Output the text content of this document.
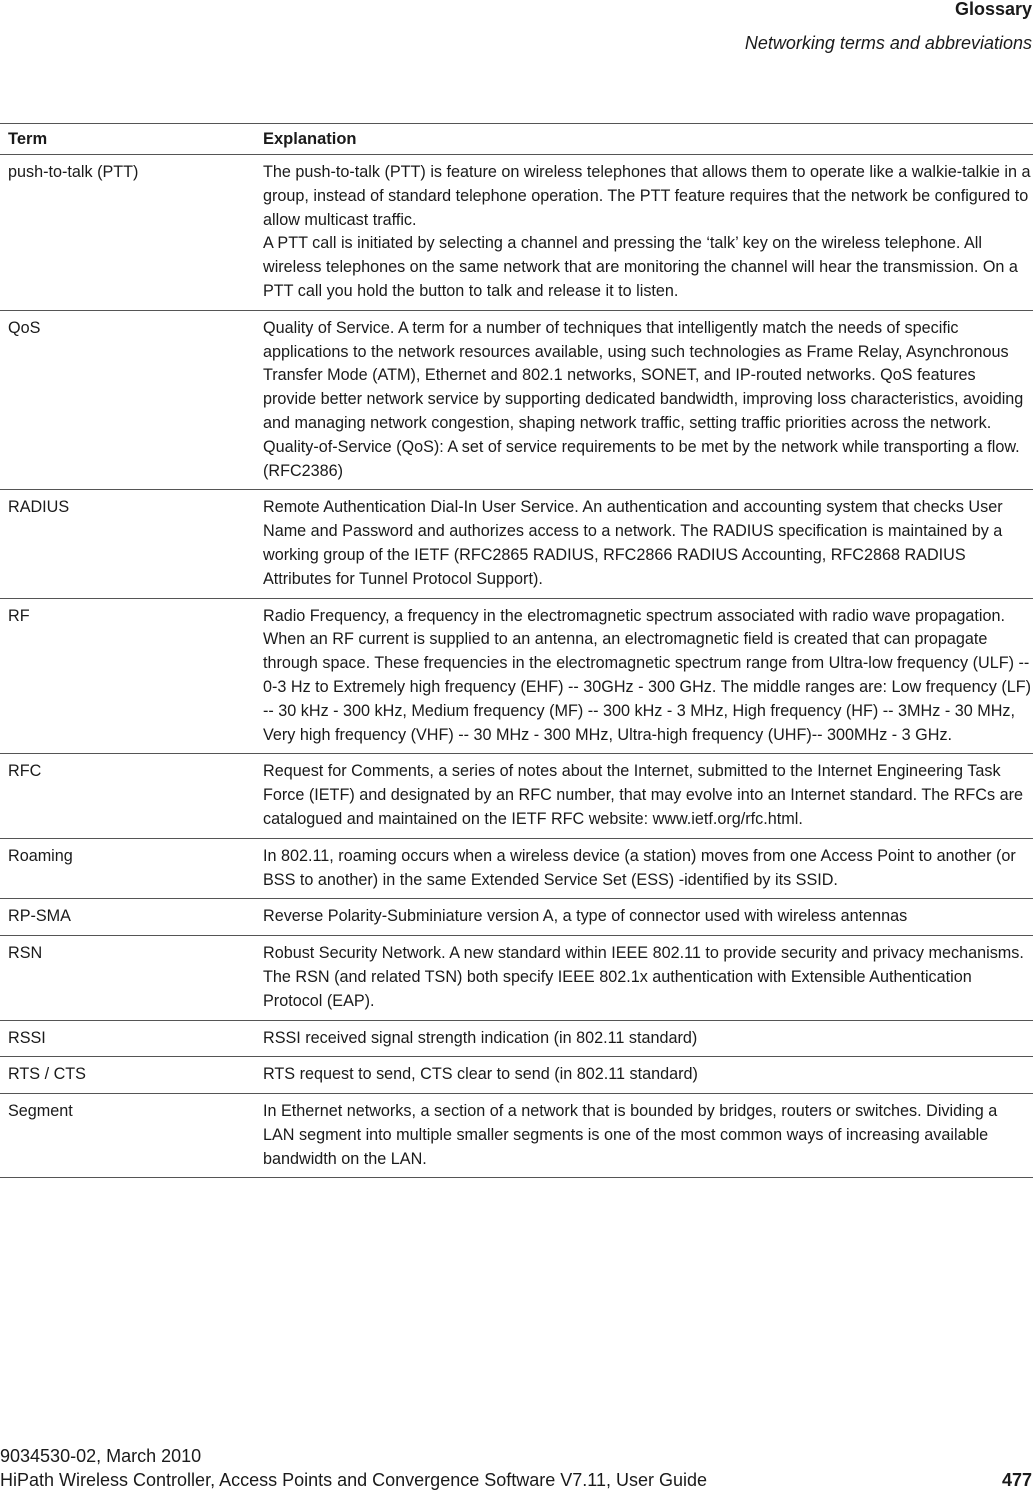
Glossary
Networking terms and abbreviations
Term	Explanation
push-to-talk (PTT)	The push-to-talk (PTT) is feature on wireless telephones that allows them to operate like a walkie-talkie in a group, instead of standard telephone operation. The PTT feature requires that the network be configured to allow multicast traffic.
A PTT call is initiated by selecting a channel and pressing the ‘talk’ key on the wireless telephone. All wireless telephones on the same network that are monitoring the channel will hear the transmission. On a PTT call you hold the button to talk and release it to listen.

QoS	Quality of Service. A term for a number of techniques that intelligently match the needs of specific applications to the network resources available, using such technologies as Frame Relay, Asynchronous Transfer Mode (ATM), Ethernet and 802.1 networks, SONET, and IP-routed networks. QoS features provide better network service by supporting dedicated bandwidth, improving loss characteristics, avoiding and managing network congestion, shaping network traffic, setting traffic priorities across the network.
Quality-of-Service (QoS): A set of service requirements to be met by the network while transporting a flow. (RFC2386)

RADIUS	Remote Authentication Dial-In User Service. An authentication and accounting system that checks User Name and Password and authorizes access to a network. The RADIUS specification is maintained by a working group of the IETF (RFC2865 RADIUS, RFC2866 RADIUS Accounting, RFC2868 RADIUS Attributes for Tunnel Protocol Support).

RF	Radio Frequency, a frequency in the electromagnetic spectrum associated with radio wave propagation. When an RF current is supplied to an antenna, an electromagnetic field is created that can propagate through space. These frequencies in the electromagnetic spectrum range from Ultra-low frequency (ULF) -- 0-3 Hz to Extremely high frequency (EHF) -- 30GHz - 300 GHz. The middle ranges are: Low frequency (LF) -- 30 kHz - 300 kHz, Medium frequency (MF) -- 300 kHz - 3 MHz, High frequency (HF) -- 3MHz - 30 MHz, Very high frequency (VHF) -- 30 MHz - 300 MHz, Ultra-high frequency (UHF)-- 300MHz - 3 GHz.

RFC	Request for Comments, a series of notes about the Internet, submitted to the Internet Engineering Task Force (IETF) and designated by an RFC number, that may evolve into an Internet standard. The RFCs are catalogued and maintained on the IETF RFC website: www.ietf.org/rfc.html.

Roaming	In 802.11, roaming occurs when a wireless device (a station) moves from one Access Point to another (or BSS to another) in the same Extended Service Set (ESS) -identified by its SSID.

RP-SMA	Reverse Polarity-Subminiature version A, a type of connector used with wireless antennas

RSN	Robust Security Network. A new standard within IEEE 802.11 to provide security and privacy mechanisms. The RSN (and related TSN) both specify IEEE 802.1x authentication with Extensible Authentication Protocol (EAP).

RSSI	RSSI received signal strength indication (in 802.11 standard)

RTS / CTS	RTS request to send, CTS clear to send (in 802.11 standard)

Segment	In Ethernet networks, a section of a network that is bounded by bridges, routers or switches. Dividing a LAN segment into multiple smaller segments is one of the most common ways of increasing available bandwidth on the LAN.
9034530-02, March 2010
HiPath Wireless Controller, Access Points and Convergence Software V7.11, User Guide	477
